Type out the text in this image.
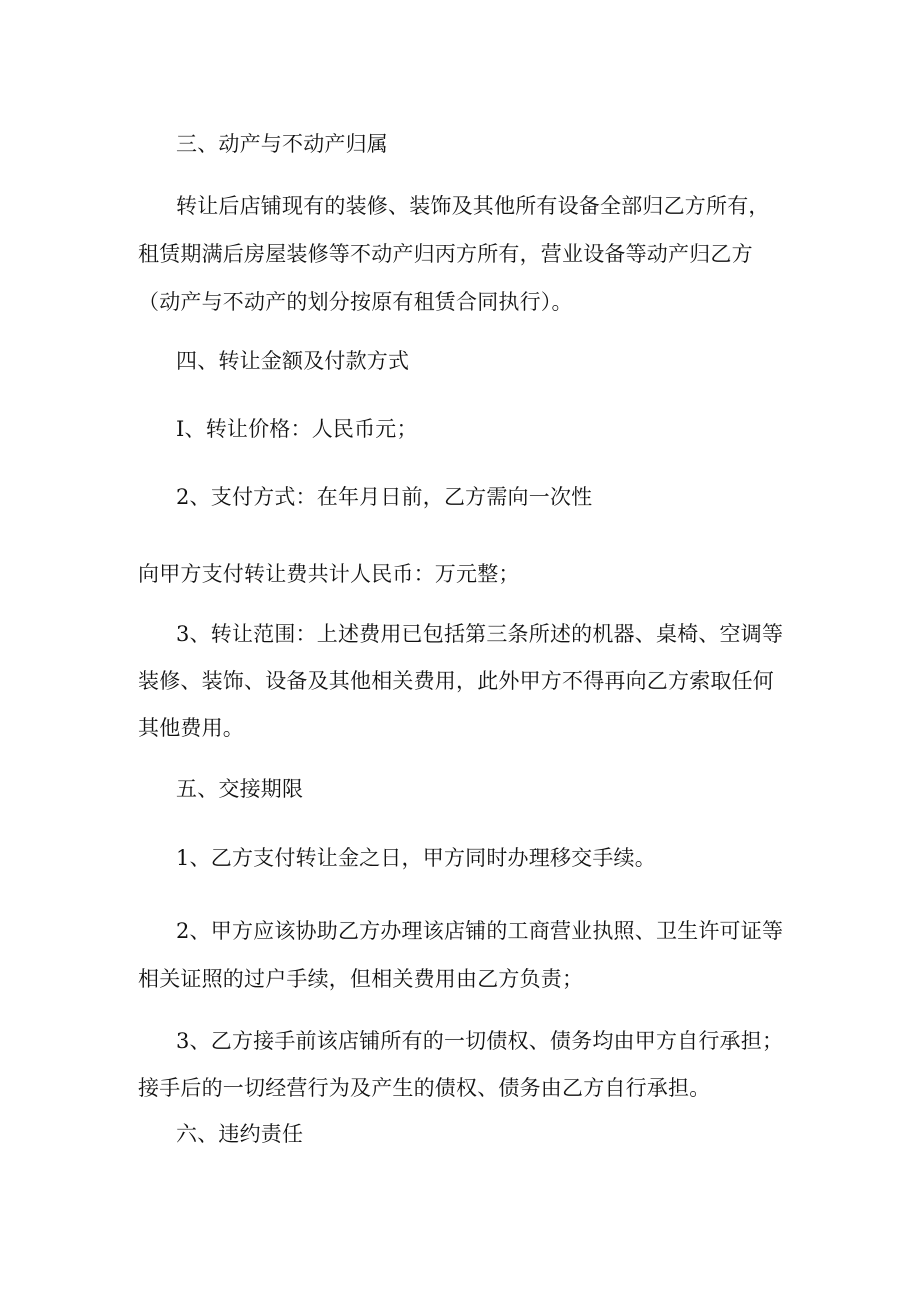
三、动产与不动产归属
转让后店铺现有的装修、装饰及其他所有设备全部归乙方所有，
租赁期满后房屋装修等不动产归丙方所有，营业设备等动产归乙方
（动产与不动产的划分按原有租赁合同执行）。
四、转让金额及付款方式
I、转让价格：人民币元；
2、支付方式：在年月日前，乙方需向一次性
向甲方支付转让费共计人民币：万元整；
3、转让范围：上述费用已包括第三条所述的机器、桌椅、空调等
装修、装饰、设备及其他相关费用，此外甲方不得再向乙方索取任何
其他费用。
五、交接期限
1、乙方支付转让金之日，甲方同时办理移交手续。
2、甲方应该协助乙方办理该店铺的工商营业执照、卫生许可证等
相关证照的过户手续，但相关费用由乙方负责；
3、乙方接手前该店铺所有的一切债权、债务均由甲方自行承担；
接手后的一切经营行为及产生的债权、债务由乙方自行承担。
六、违约责任
